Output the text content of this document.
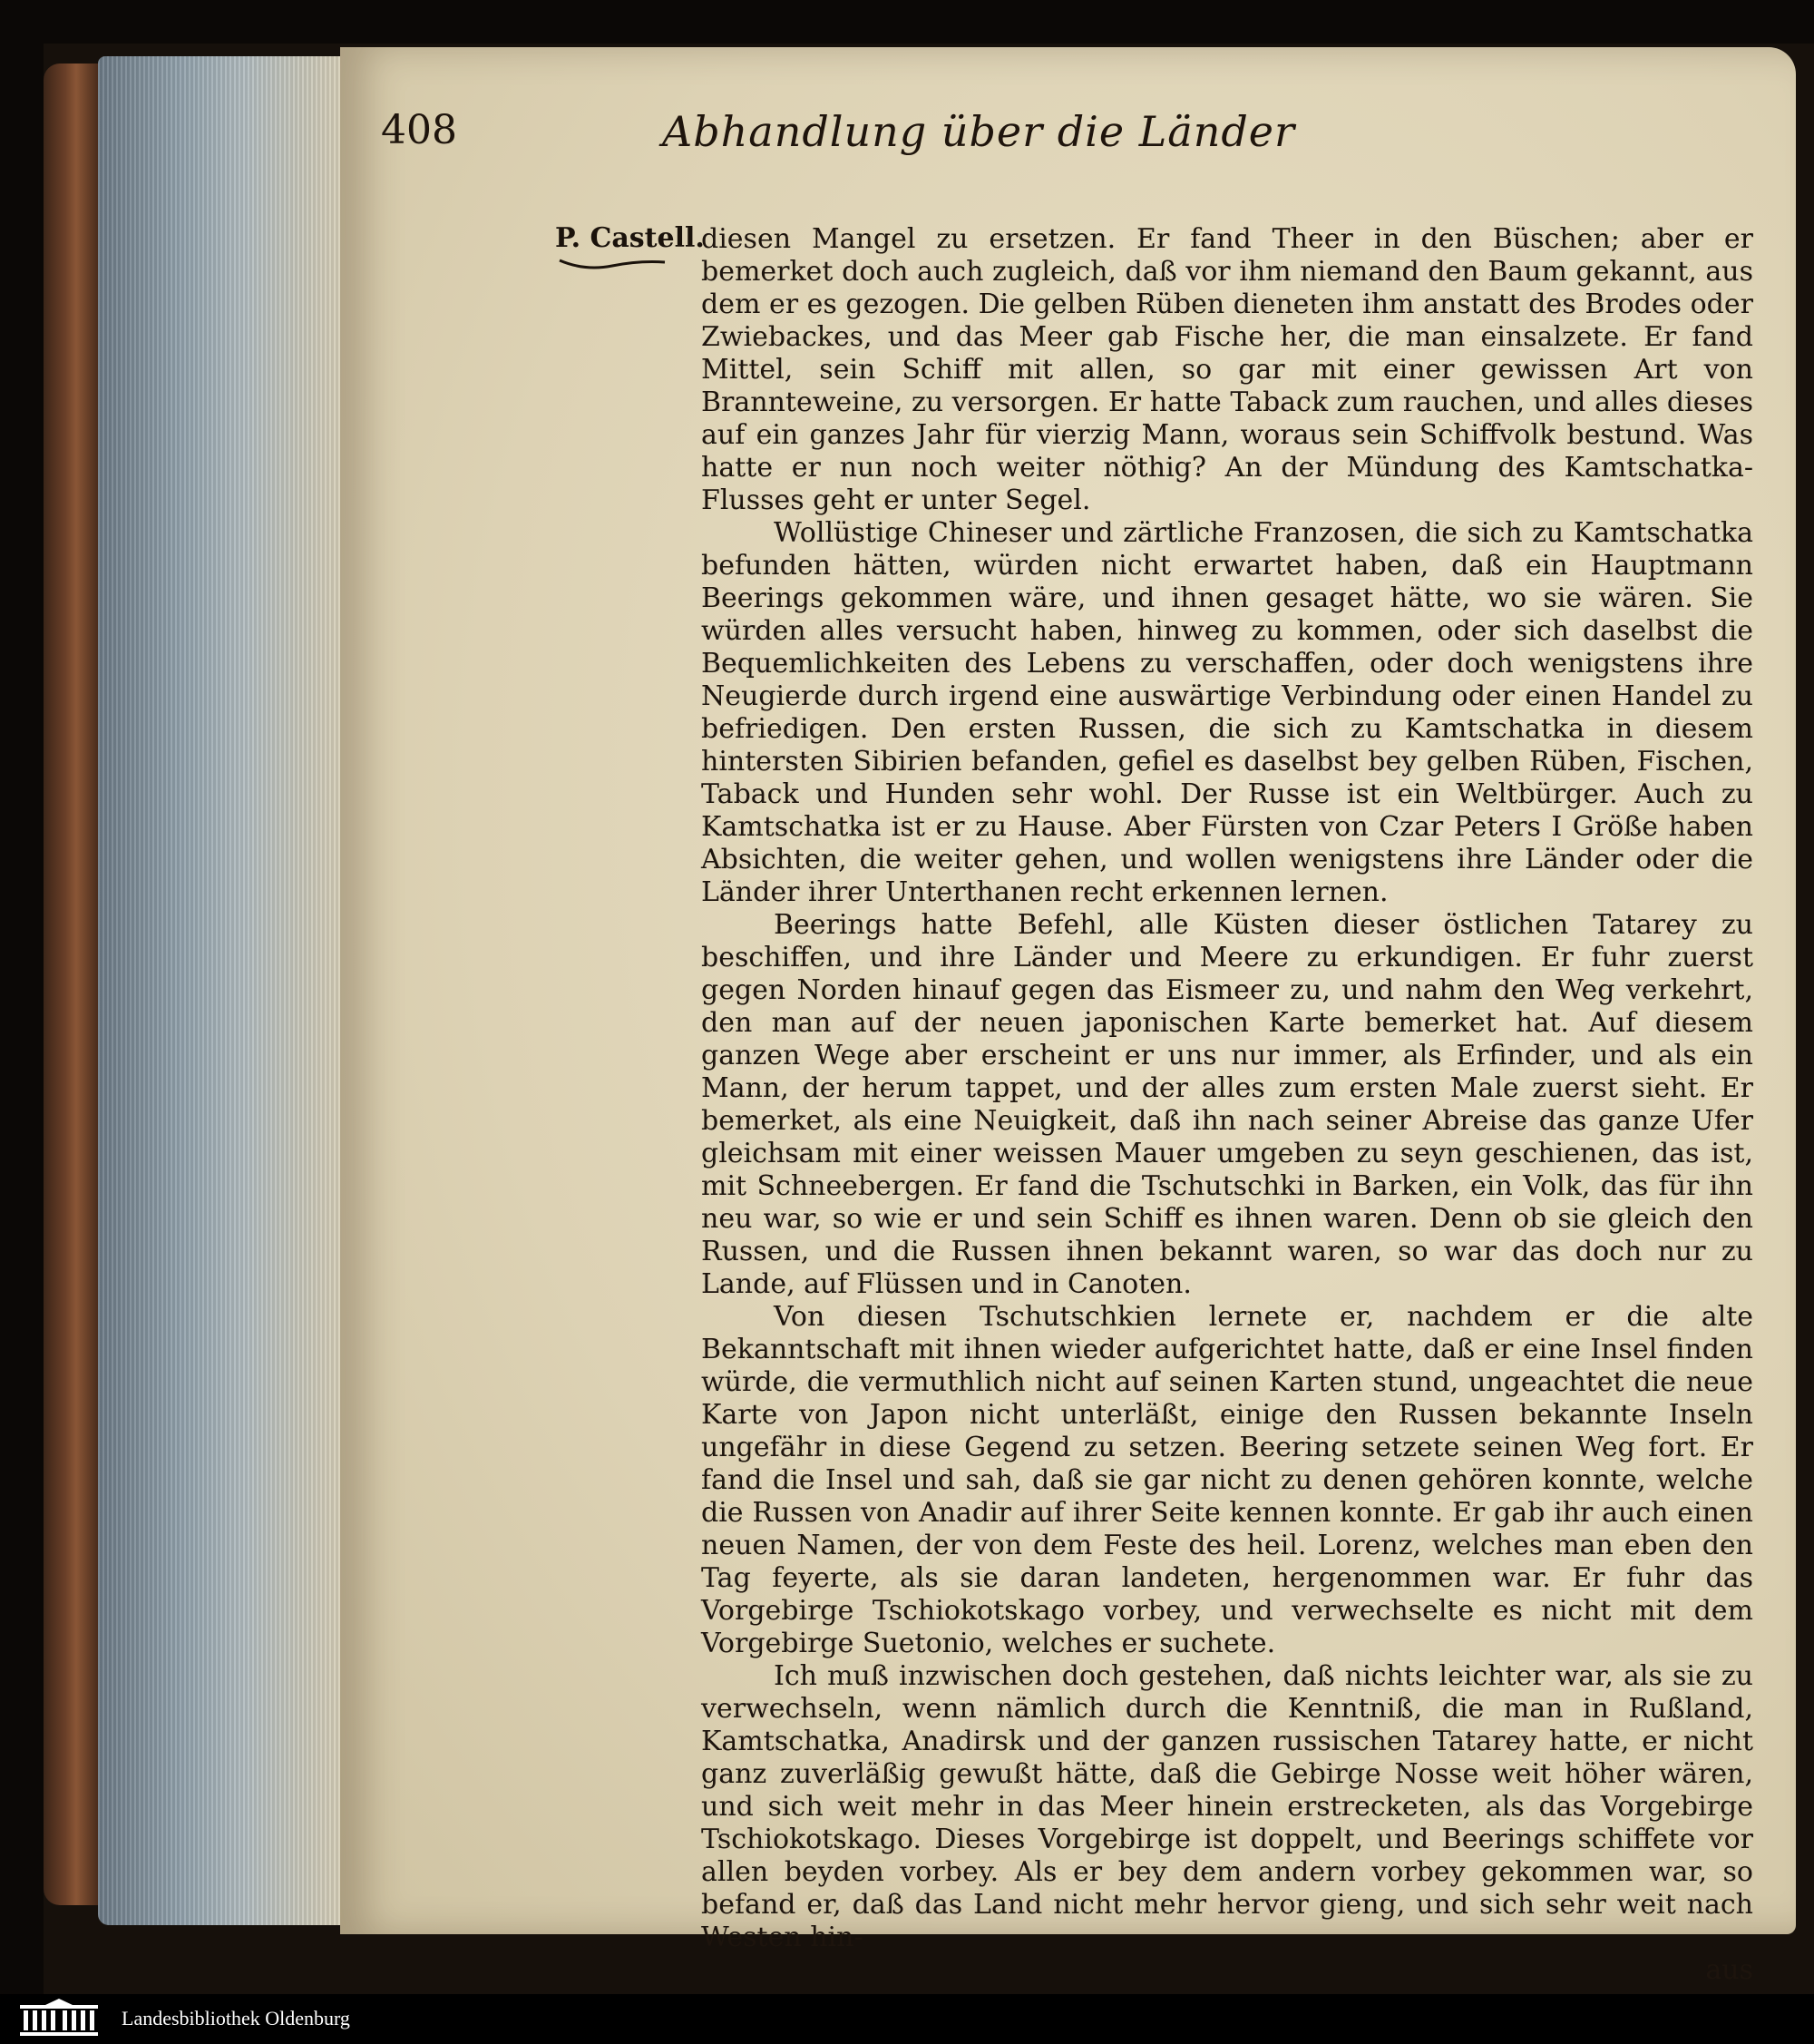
408	Abhandlung über die Länder
P. Castell.

diesen Mangel zu ersetzen. Er fand Theer in den Büschen; aber er bemerket doch auch zugleich, daß vor ihm niemand den Baum gekannt, aus dem er es gezogen. Die gelben Rüben dieneten ihm anstatt des Brodes oder Zwiebackes, und das Meer gab Fische her, die man einsalzete. Er fand Mittel, sein Schiff mit allen, so gar mit einer gewissen Art von Brannteweine, zu versorgen. Er hatte Taback zum rauchen, und alles dieses auf ein ganzes Jahr für vierzig Mann, woraus sein Schiffvolk bestund. Was hatte er nun noch weiter nöthig? An der Mündung des Kamtschatka-Flusses geht er unter Segel.

Wollüstige Chineser und zärtliche Franzosen, die sich zu Kamtschatka befunden hätten, würden nicht erwartet haben, daß ein Hauptmann Beerings gekommen wäre, und ihnen gesaget hätte, wo sie wären. Sie würden alles versucht haben, hinweg zu kommen, oder sich daselbst die Bequemlichkeiten des Lebens zu verschaffen, oder doch wenigstens ihre Neugierde durch irgend eine auswärtige Verbindung oder einen Handel zu befriedigen. Den ersten Russen, die sich zu Kamtschatka in diesem hintersten Sibirien befanden, gefiel es daselbst bey gelben Rüben, Fischen, Taback und Hunden sehr wohl. Der Russe ist ein Weltbürger. Auch zu Kamtschatka ist er zu Hause. Aber Fürsten von Czar Peters I Größe haben Absichten, die weiter gehen, und wollen wenigstens ihre Länder oder die Länder ihrer Unterthanen recht erkennen lernen.

Beerings hatte Befehl, alle Küsten dieser östlichen Tatarey zu beschiffen, und ihre Länder und Meere zu erkundigen. Er fuhr zuerst gegen Norden hinauf gegen das Eismeer zu, und nahm den Weg verkehrt, den man auf der neuen japonischen Karte bemerket hat. Auf diesem ganzen Wege aber erscheint er uns nur immer, als Erfinder, und als ein Mann, der herum tappet, und der alles zum ersten Male zuerst sieht. Er bemerket, als eine Neuigkeit, daß ihn nach seiner Abreise das ganze Ufer gleichsam mit einer weissen Mauer umgeben zu seyn geschienen, das ist, mit Schneebergen. Er fand die Tschutschki in Barken, ein Volk, das für ihn neu war, so wie er und sein Schiff es ihnen waren. Denn ob sie gleich den Russen, und die Russen ihnen bekannt waren, so war das doch nur zu Lande, auf Flüssen und in Canoten.

Von diesen Tschutschkien lernete er, nachdem er die alte Bekanntschaft mit ihnen wieder aufgerichtet hatte, daß er eine Insel finden würde, die vermuthlich nicht auf seinen Karten stund, ungeachtet die neue Karte von Japon nicht unterläßt, einige den Russen bekannte Inseln ungefähr in diese Gegend zu setzen. Beering setzete seinen Weg fort. Er fand die Insel und sah, daß sie gar nicht zu denen gehören konnte, welche die Russen von Anadir auf ihrer Seite kennen konnte. Er gab ihr auch einen neuen Namen, der von dem Feste des heil. Lorenz, welches man eben den Tag feyerte, als sie daran landeten, hergenommen war. Er fuhr das Vorgebirge Tschiokotskago vorbey, und verwechselte es nicht mit dem Vorgebirge Suetonio, welches er suchete.

Ich muß inzwischen doch gestehen, daß nichts leichter war, als sie zu verwechseln, wenn nämlich durch die Kenntniß, die man in Rußland, Kamtschatka, Anadirsk und der ganzen russischen Tatarey hatte, er nicht ganz zuverläßig gewußt hätte, daß die Gebirge Nosse weit höher wären, und sich weit mehr in das Meer hinein erstrecketen, als das Vorgebirge Tschiokotskago. Dieses Vorgebirge ist doppelt, und Beerings schiffete vor allen beyden vorbey. Als er bey dem andern vorbey gekommen war, so befand er, daß das Land nicht mehr hervor gieng, und sich sehr weit nach Westen hin-

aus
Landesbibliothek Oldenburg
